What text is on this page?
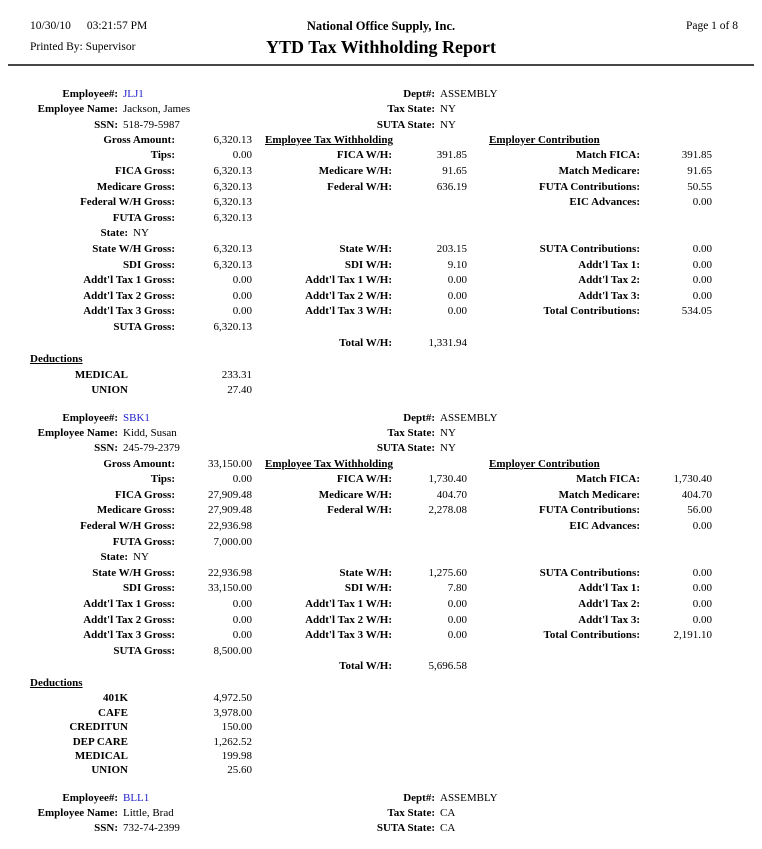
10/30/10 03:21:57 PM
Printed By: Supervisor
National Office Supply, Inc.
YTD Tax Withholding Report
Page 1 of 8
Employee#: JLJ1	Dept#: ASSEMBLY
Employee Name: Jackson, James	Tax State: NY
SSN: 518-79-5987	SUTA State: NY
Gross Amount:	6,320.13	Employee Tax Withholding	Employer Contribution
Tips:	0.00	FICA W/H:	391.85	Match FICA:	391.85
FICA Gross:	6,320.13	Medicare W/H:	91.65	Match Medicare:	91.65
Medicare Gross:	6,320.13	Federal W/H:	636.19	FUTA Contributions:	50.55
Federal W/H Gross:	6,320.13	EIC Advances:	0.00
FUTA Gross:	6,320.13
State: NY
State W/H Gross:	6,320.13	State W/H:	203.15	SUTA Contributions:	0.00
SDI Gross:	6,320.13	SDI W/H:	9.10	Addt'l Tax 1:	0.00
Addt'l Tax 1 Gross:	0.00	Addt'l Tax 1 W/H:	0.00	Addt'l Tax 2:	0.00
Addt'l Tax 2 Gross:	0.00	Addt'l Tax 2 W/H:	0.00	Addt'l Tax 3:	0.00
Addt'l Tax 3 Gross:	0.00	Addt'l Tax 3 W/H:	0.00	Total Contributions:	534.05
SUTA Gross:	6,320.13
Total W/H:	1,331.94
Deductions
MEDICAL	233.31
UNION	27.40
Employee#: SBK1	Dept#: ASSEMBLY
Employee Name: Kidd, Susan	Tax State: NY
SSN: 245-79-2379	SUTA State: NY
Gross Amount:	33,150.00	Employee Tax Withholding	Employer Contribution
Tips:	0.00	FICA W/H:	1,730.40	Match FICA:	1,730.40
FICA Gross:	27,909.48	Medicare W/H:	404.70	Match Medicare:	404.70
Medicare Gross:	27,909.48	Federal W/H:	2,278.08	FUTA Contributions:	56.00
Federal W/H Gross:	22,936.98	EIC Advances:	0.00
FUTA Gross:	7,000.00
State: NY
State W/H Gross:	22,936.98	State W/H:	1,275.60	SUTA Contributions:	0.00
SDI Gross:	33,150.00	SDI W/H:	7.80	Addt'l Tax 1:	0.00
Addt'l Tax 1 Gross:	0.00	Addt'l Tax 1 W/H:	0.00	Addt'l Tax 2:	0.00
Addt'l Tax 2 Gross:	0.00	Addt'l Tax 2 W/H:	0.00	Addt'l Tax 3:	0.00
Addt'l Tax 3 Gross:	0.00	Addt'l Tax 3 W/H:	0.00	Total Contributions:	2,191.10
SUTA Gross:	8,500.00
Total W/H:	5,696.58
Deductions
401K	4,972.50
CAFE	3,978.00
CREDITUN	150.00
DEP CARE	1,262.52
MEDICAL	199.98
UNION	25.60
Employee#: BLL1	Dept#: ASSEMBLY
Employee Name: Little, Brad	Tax State: CA
SSN: 732-74-2399	SUTA State: CA
